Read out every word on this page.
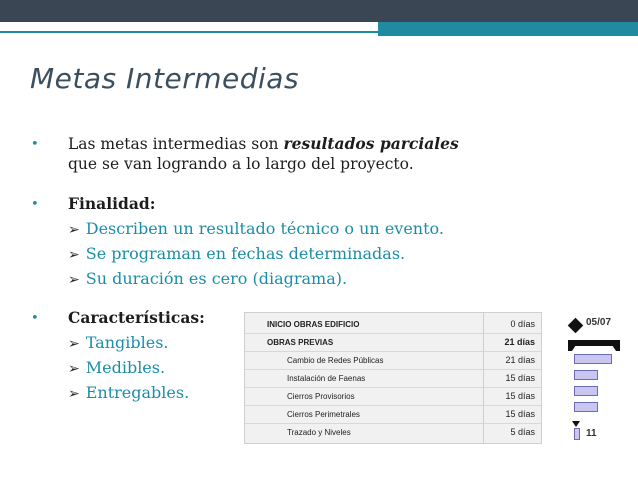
Metas Intermedias
• Las metas intermedias son resultados parciales
que se van logrando a lo largo del proyecto.
• Finalidad:
➢ Describen un resultado técnico o un evento.
➢ Se programan en fechas determinadas.
➢ Su duración es cero (diagrama).
• Características:
➢ Tangibles.
➢ Medibles.
➢ Entregables.
INICIO OBRAS EDIFICIO	0 días
OBRAS PREVIAS	21 días
Cambio de Redes Públicas	21 días
Instalación de Faenas	15 días
Cierros Provisorios	15 días
Cierros Perimetrales	15 días
Trazado y Niveles	5 días
05/07
11
